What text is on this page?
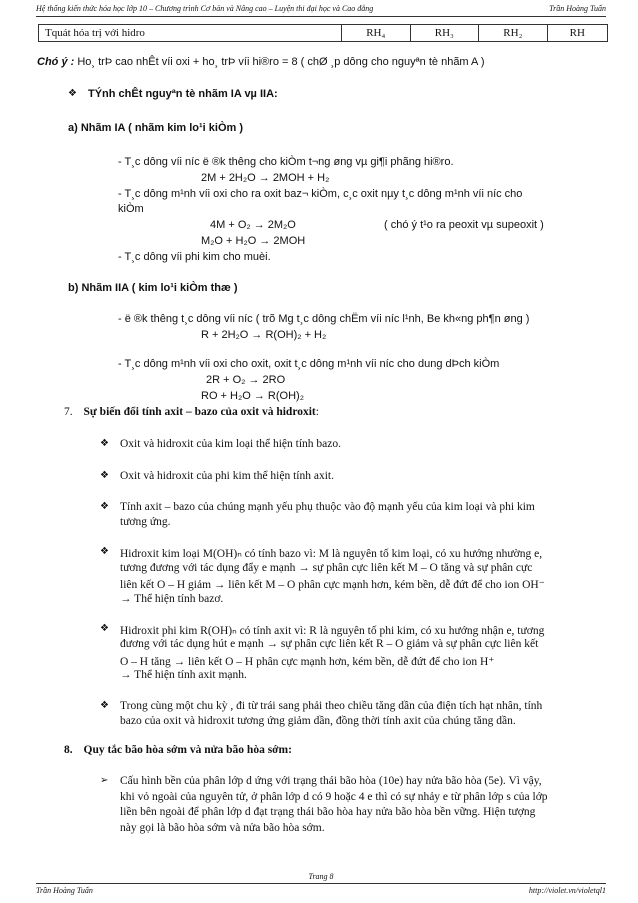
Hệ thống kiến thức hóa học lớp 10 – Chương trình Cơ bản và Nâng cao – Luyện thi đại học và Cao đẳng	Trần Hoàng Tuấn
Tquát hóa trị với hidro	RH₄	RH₃	RH₂	RH
Chó ý : Ho¸ trÞ cao nhÊt víi oxi + ho¸ trÞ víi hi®ro = 8 ( chØ ¸p dông cho nguyªn tè nhãm A )
❖ TÝnh chÊt nguyªn tè nhãm IA vµ IIA:
a) Nhãm IA ( nhãm kim lo¹i kiÒm )
- T¸c dông víi níc ë ®k thêng cho kiÒm t¬ng øng vµ gi¶i phãng hi®ro.
2M + 2H₂O → 2MOH + H₂
- T¸c dông m¹nh víi oxi cho ra oxit baz¬ kiÒm, c¸c oxit nµy t¸c dông m¹nh víi níc cho
kiÒm
4M + O₂ → 2M₂O	( chó ý t¹o ra peoxit vµ supeoxit )
M₂O + H₂O → 2MOH
- T¸c dông víi phi kim cho muèi.
b) Nhãm IIA ( kim lo¹i kiÒm thæ )
- ë ®k thêng t¸c dông víi níc ( trõ Mg t¸c dông chËm víi níc l¹nh, Be kh«ng ph¶n øng )
R + 2H₂O → R(OH)₂ + H₂
- T¸c dông m¹nh víi oxi cho oxit, oxit t¸c dông m¹nh víi níc cho dung dÞch kiÒm
2R + O₂ → 2RO
RO + H₂O → R(OH)₂
7. Sự biến đổi tính axit – bazo của oxit và hidroxit:
❖ Oxit và hidroxit của kim loại thể hiện tính bazo.
❖ Oxit và hidroxit của phi kim thể hiện tính axit.
❖ Tính axit – bazo của chúng mạnh yếu phụ thuộc vào độ mạnh yếu của kim loại và phi kim
tương ứng.
❖ Hidroxit kim loại M(OH)ₙ có tính bazo vì: M là nguyên tố kim loại, có xu hướng nhường e,
tương đương với tác dụng đẩy e mạnh → sự phân cực liên kết M – O tăng và sự phân cực
liên kết O – H giảm → liên kết M – O phân cực mạnh hơn, kém bền, dễ đứt để cho ion OH⁻
→ Thể hiện tính bazơ.
❖ Hidroxit phi kim R(OH)ₙ có tính axit vì: R là nguyên tố phi kim, có xu hướng nhận e, tương
đương với tác dụng hút e mạnh → sự phân cực liên kết R – O giảm và sự phân cực liên kết
O – H tăng → liên kết O – H phân cực mạnh hơn, kém bền, dễ đứt để cho ion H⁺
→ Thể hiện tính axit mạnh.
❖ Trong cùng một chu kỳ , đi từ trái sang phải theo chiều tăng dần của điện tích hạt nhân, tính
bazo của oxit và hidroxit tương ứng giảm dần, đồng thời tính axit của chúng tăng dần.
8. Quy tắc bão hòa sớm và nửa bão hòa sớm:
➢ Cấu hình bền của phân lớp d ứng với trạng thái bão hòa (10e) hay nửa bão hòa (5e). Vì vậy,
khi vỏ ngoài của nguyên tử, ở phân lớp d có 9 hoặc 4 e thì có sự nhảy e từ phân lớp s của lớp
liền bên ngoài để phân lớp d đạt trạng thái bão hòa hay nửa bão hòa bền vững. Hiện tượng
này gọi là bão hòa sớm và nửa bão hòa sớm.
Trang 8
Trần Hoàng Tuấn	http://violet.vn/violetql1
